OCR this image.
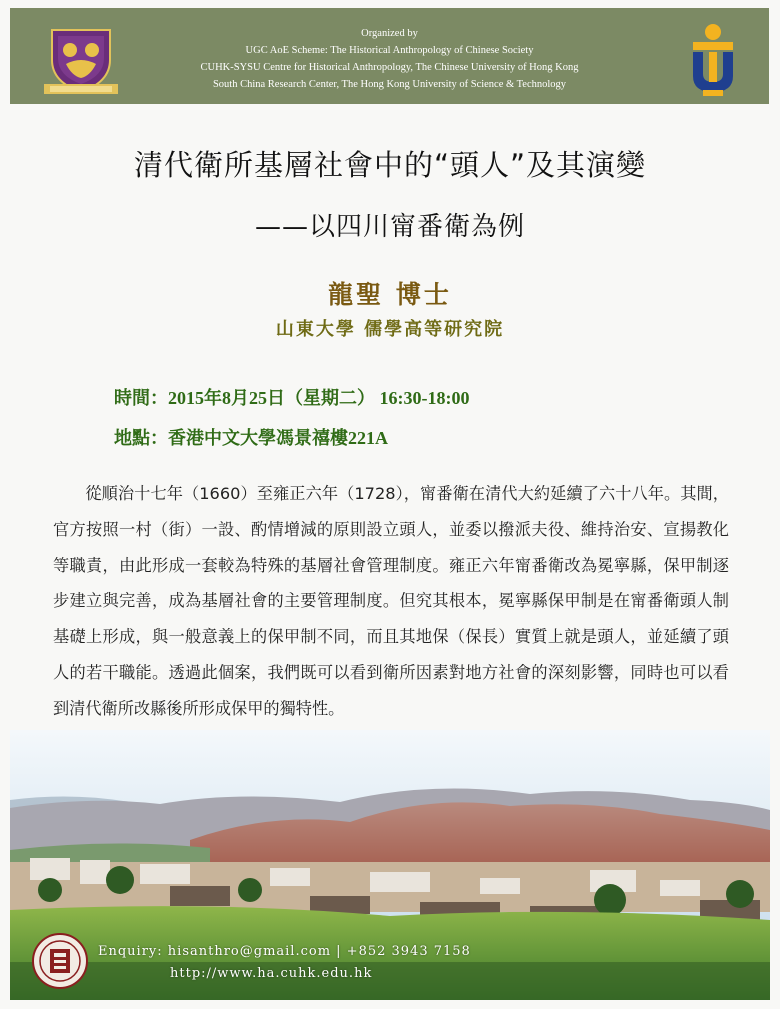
Organized by
UGC AoE Scheme: The Historical Anthropology of Chinese Society
CUHK-SYSU Centre for Historical Anthropology, The Chinese University of Hong Kong
South China Research Center, The Hong Kong University of Science & Technology
清代衛所基層社會中的“頭人”及其演變
——以四川甯番衛為例
龍聖 博士
山東大學 儒學高等研究院
時間：2015年8月25日（星期二） 16:30-18:00
地點：香港中文大學馮景禧樓221A
從順治十七年（1660）至雍正六年（1728），甯番衛在清代大約延續了六十八年。其間，官方按照一村（街）一設、酌情增減的原則設立頭人，並委以撥派夫役、維持治安、宣揚教化等職責，由此形成一套較為特殊的基層社會管理制度。雍正六年甯番衛改為冕寧縣，保甲制逐步建立與完善，成為基層社會的主要管理制度。但究其根本，冕寧縣保甲制是在甯番衛頭人制基礎上形成，與一般意義上的保甲制不同，而且其地保（保長）實質上就是頭人，並延續了頭人的若干職能。透過此個案，我們既可以看到衛所因素對地方社會的深刻影響，同時也可以看到清代衛所改縣後所形成保甲的獨特性。
Enquiry: hisanthro@gmail.com | +852 3943 7158
http://www.ha.cuhk.edu.hk
